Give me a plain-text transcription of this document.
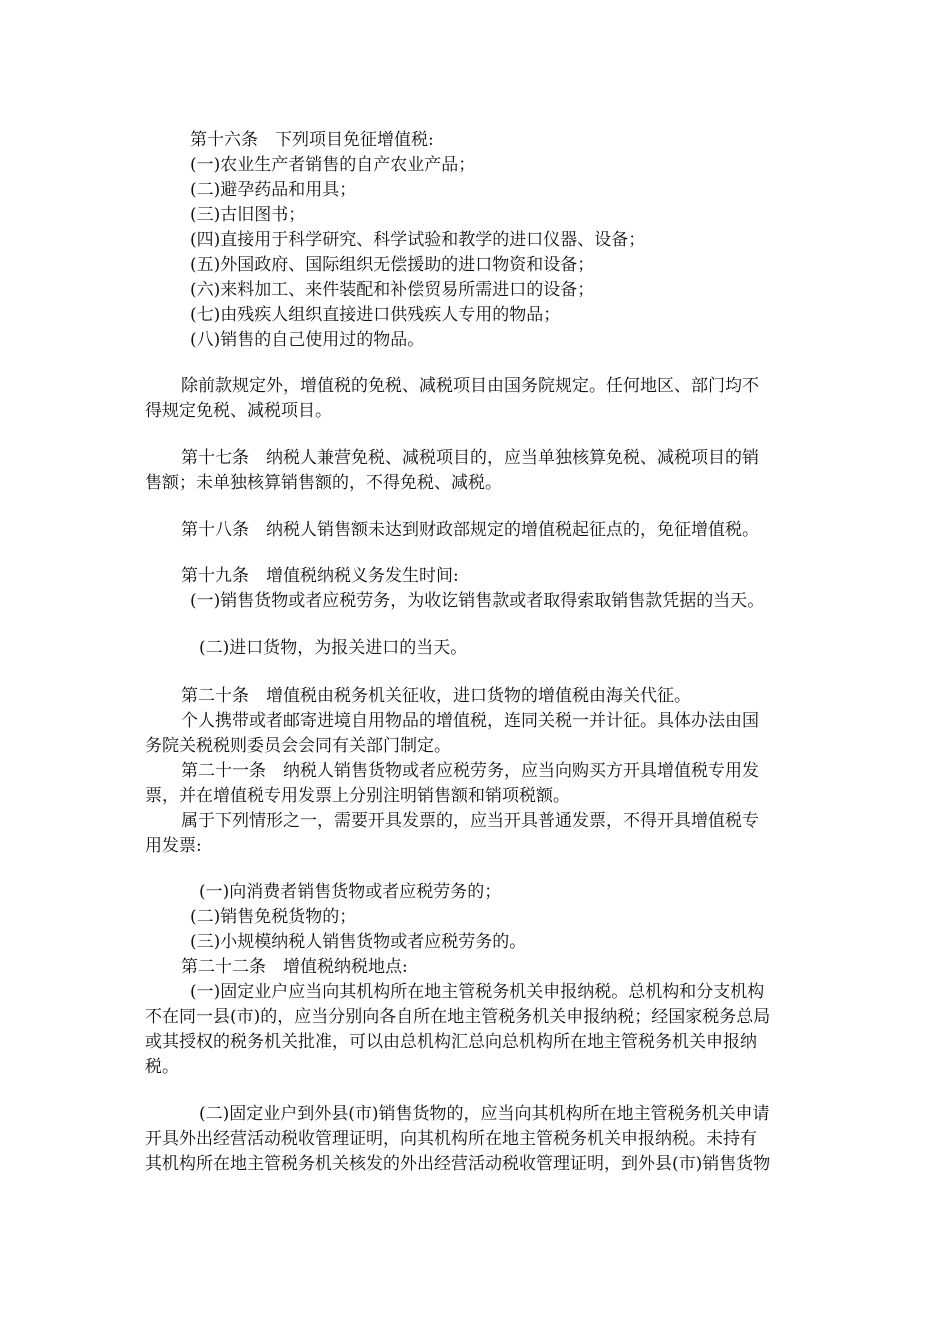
第十六条　下列项目免征增值税:

(一)农业生产者销售的自产农业产品；

(二)避孕药品和用具；

(三)古旧图书；

(四)直接用于科学研究、科学试验和教学的进口仪器、设备；

(五)外国政府、国际组织无偿援助的进口物资和设备；

(六)来料加工、来件装配和补偿贸易所需进口的设备；

(七)由残疾人组织直接进口供残疾人专用的物品；

(八)销售的自己使用过的物品。

除前款规定外，增值税的免税、减税项目由国务院规定。任何地区、部门均不

得规定免税、减税项目。

第十七条　纳税人兼营免税、减税项目的，应当单独核算免税、减税项目的销

售额；未单独核算销售额的，不得免税、减税。

第十八条　纳税人销售额未达到财政部规定的增值税起征点的，免征增值税。

第十九条　增值税纳税义务发生时间:

(一)销售货物或者应税劳务，为收讫销售款或者取得索取销售款凭据的当天。

(二)进口货物，为报关进口的当天。

第二十条　增值税由税务机关征收，进口货物的增值税由海关代征。

个人携带或者邮寄进境自用物品的增值税，连同关税一并计征。具体办法由国

务院关税税则委员会会同有关部门制定。

第二十一条　纳税人销售货物或者应税劳务，应当向购买方开具增值税专用发

票，并在增值税专用发票上分别注明销售额和销项税额。

属于下列情形之一，需要开具发票的，应当开具普通发票，不得开具增值税专

用发票:

(一)向消费者销售货物或者应税劳务的；

(二)销售免税货物的；

(三)小规模纳税人销售货物或者应税劳务的。

第二十二条　增值税纳税地点:

(一)固定业户应当向其机构所在地主管税务机关申报纳税。总机构和分支机构

不在同一县(市)的，应当分别向各自所在地主管税务机关申报纳税；经国家税务总局

或其授权的税务机关批准，可以由总机构汇总向总机构所在地主管税务机关申报纳

税。

(二)固定业户到外县(市)销售货物的，应当向其机构所在地主管税务机关申请

开具外出经营活动税收管理证明，向其机构所在地主管税务机关申报纳税。未持有

其机构所在地主管税务机关核发的外出经营活动税收管理证明，到外县(市)销售货物
